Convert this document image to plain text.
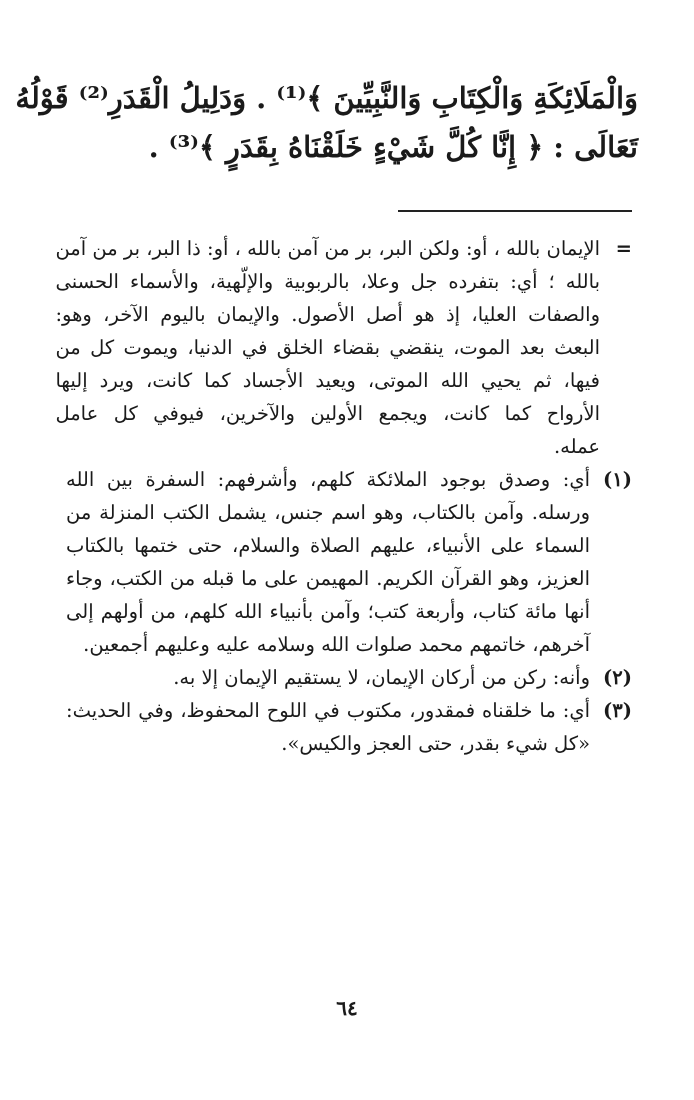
وَالْمَلَائِكَةِ وَالْكِتَابِ وَالنَّبِيِّينَ ﴾⁽¹⁾ . وَدَلِيلُ الْقَدَرِ⁽²⁾ قَوْلُهُ
تَعَالَى : ﴿ إِنَّا كُلَّ شَيْءٍ خَلَقْنَاهُ بِقَدَرٍ ﴾⁽³⁾ .
=
الإيمان بالله ، أو: ولكن البر، بر من آمن بالله ، أو: ذا البر، بر من آمن
بالله ؛ أي: بتفرده جل وعلا، بالربوبية والإلّهية، والأسماء الحسنى
والصفات العليا، إذ هو أصل الأصول. والإيمان باليوم الآخر، وهو:
البعث بعد الموت، ينقضي بقضاء الخلق في الدنيا، ويموت كل من
فيها، ثم يحيي الله الموتى، ويعيد الأجساد كما كانت، ويرد إليها
الأرواح كما كانت، ويجمع الأولين والآخرين، فيوفي كل عامل
عمله.
(١)
أي: وصدق بوجود الملائكة كلهم، وأشرفهم: السفرة بين الله
ورسله. وآمن بالكتاب، وهو اسم جنس، يشمل الكتب المنزلة من
السماء على الأنبياء، عليهم الصلاة والسلام، حتى ختمها بالكتاب
العزيز، وهو القرآن الكريم. المهيمن على ما قبله من الكتب، وجاء
أنها مائة كتاب، وأربعة كتب؛ وآمن بأنبياء الله كلهم، من أولهم إلى
آخرهم، خاتمهم محمد صلوات الله وسلامه عليه وعليهم أجمعين.
(٢)
وأنه: ركن من أركان الإيمان، لا يستقيم الإيمان إلا به.
(٣)
أي: ما خلقناه فمقدور، مكتوب في اللوح المحفوظ، وفي الحديث:
«كل شيء بقدر، حتى العجز والكيس».
٦٤
